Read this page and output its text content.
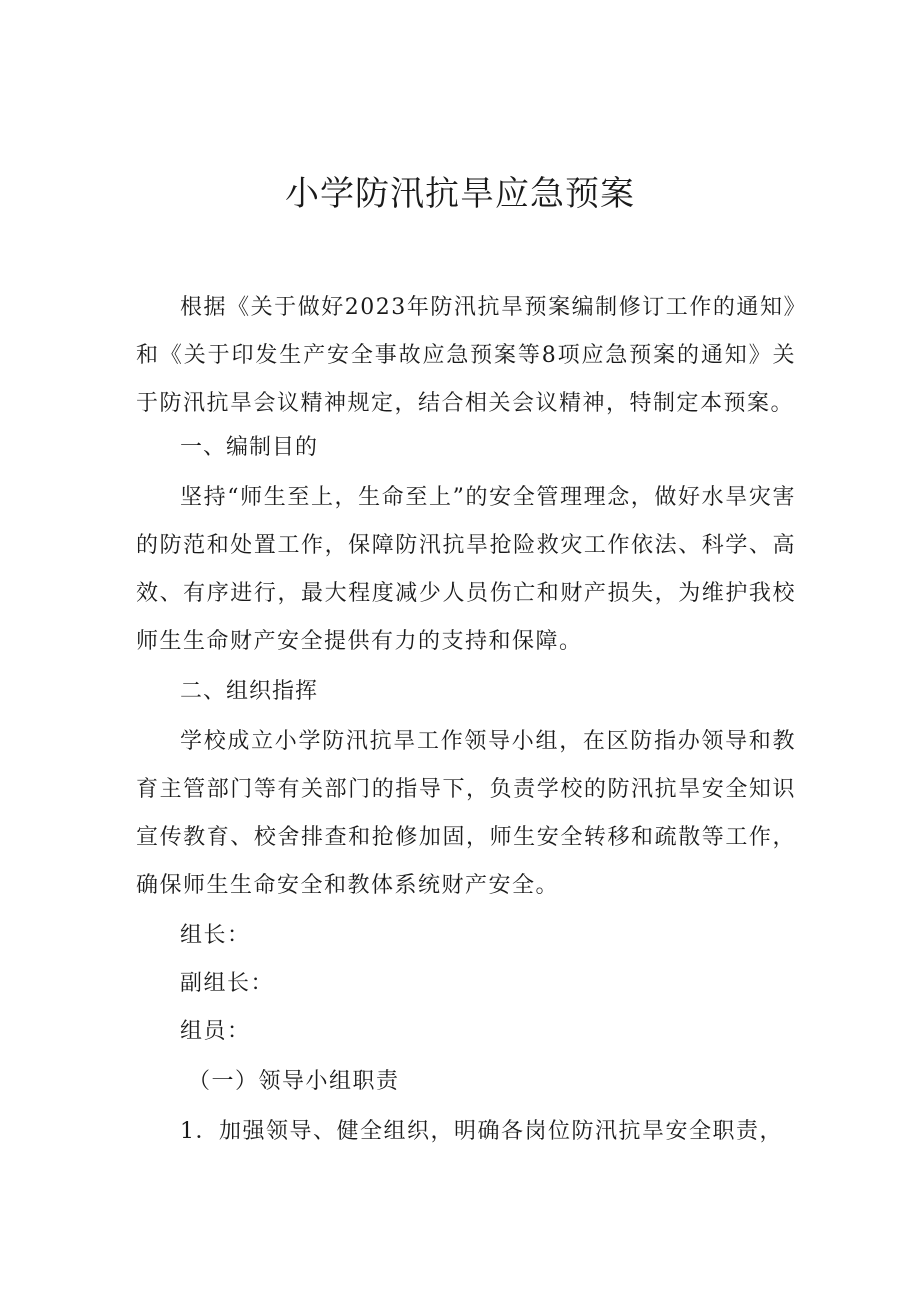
小学防汛抗旱应急预案

根据《关于做好2023年防汛抗旱预案编制修订工作的通知》和《关于印发生产安全事故应急预案等8项应急预案的通知》关于防汛抗旱会议精神规定，结合相关会议精神，特制定本预案。

一、编制目的

坚持“师生至上，生命至上”的安全管理理念，做好水旱灾害的防范和处置工作，保障防汛抗旱抢险救灾工作依法、科学、高效、有序进行，最大程度减少人员伤亡和财产损失，为维护我校师生生命财产安全提供有力的支持和保障。

二、组织指挥

学校成立小学防汛抗旱工作领导小组，在区防指办领导和教育主管部门等有关部门的指导下，负责学校的防汛抗旱安全知识宣传教育、校舍排查和抢修加固，师生安全转移和疏散等工作，确保师生生命安全和教体系统财产安全。

组长：
副组长：
组员：
（一）领导小组职责
1．加强领导、健全组织，明确各岗位防汛抗旱安全职责，
